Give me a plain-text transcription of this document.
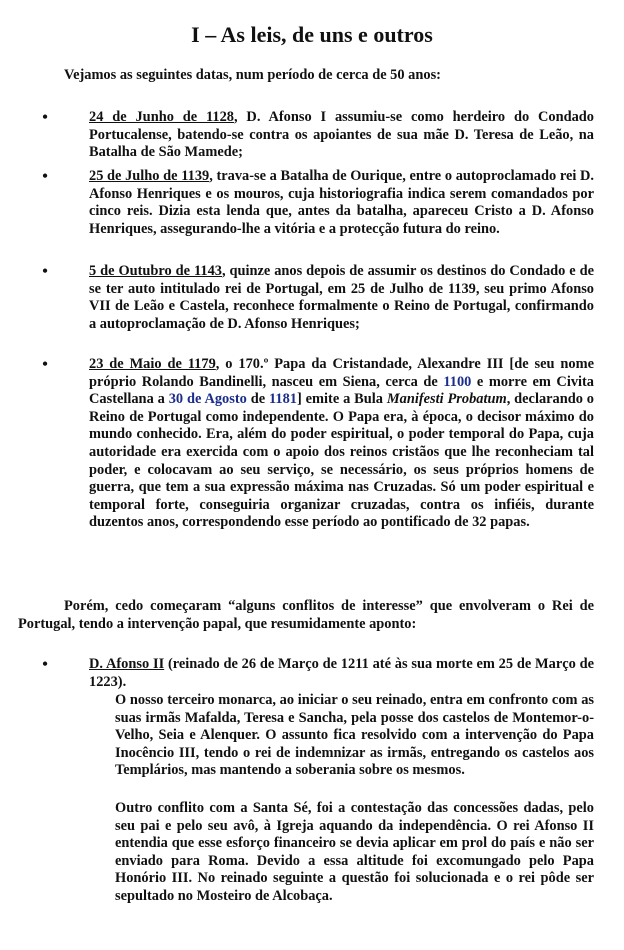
I – As leis, de uns e outros
Vejamos as seguintes datas, num período de cerca de 50 anos:
•	24 de Junho de 1128, D. Afonso I assumiu-se como herdeiro do Condado Portucalense, batendo-se contra os apoiantes de sua mãe D. Teresa de Leão, na Batalha de São Mamede;
•	25 de Julho de 1139, trava-se a Batalha de Ourique, entre o autoproclamado rei D. Afonso Henriques e os mouros, cuja historiografia indica serem comandados por cinco reis. Dizia esta lenda que, antes da batalha, apareceu Cristo a D. Afonso Henriques, assegurando-lhe a vitória e a protecção futura do reino.
•	5 de Outubro de 1143, quinze anos depois de assumir os destinos do Condado e de se ter auto intitulado rei de Portugal, em 25 de Julho de 1139, seu primo Afonso VII de Leão e Castela, reconhece formalmente o Reino de Portugal, confirmando a autoproclamação de D. Afonso Henriques;
•	23 de Maio de 1179, o 170.º Papa da Cristandade, Alexandre III [de seu nome próprio Rolando Bandinelli, nasceu em Siena, cerca de 1100 e morre em Civita Castellana a 30 de Agosto de 1181] emite a Bula Manifesti Probatum, declarando o Reino de Portugal como independente. O Papa era, à época, o decisor máximo do mundo conhecido. Era, além do poder espiritual, o poder temporal do Papa, cuja autoridade era exercida com o apoio dos reinos cristãos que lhe reconheciam tal poder, e colocavam ao seu serviço, se necessário, os seus próprios homens de guerra, que tem a sua expressão máxima nas Cruzadas. Só um poder espiritual e temporal forte, conseguiria organizar cruzadas, contra os infiéis, durante duzentos anos, correspondendo esse período ao pontificado de 32 papas.
Porém, cedo começaram “alguns conflitos de interesse” que envolveram o Rei de Portugal, tendo a intervenção papal, que resumidamente aponto:
•	D. Afonso II (reinado de 26 de Março de 1211 até às sua morte em 25 de Março de 1223).
O nosso terceiro monarca, ao iniciar o seu reinado, entra em confronto com as suas irmãs Mafalda, Teresa e Sancha, pela posse dos castelos de Montemor-o-Velho, Seia e Alenquer. O assunto fica resolvido com a intervenção do Papa Inocêncio III, tendo o rei de indemnizar as irmãs, entregando os castelos aos Templários, mas mantendo a soberania sobre os mesmos.
Outro conflito com a Santa Sé, foi a contestação das concessões dadas, pelo seu pai e pelo seu avô, à Igreja aquando da independência. O rei Afonso II entendia que esse esforço financeiro se devia aplicar em prol do país e não ser enviado para Roma. Devido a essa altitude foi excomungado pelo Papa Honório III. No reinado seguinte a questão foi solucionada e o rei pôde ser sepultado no Mosteiro de Alcobaça.
